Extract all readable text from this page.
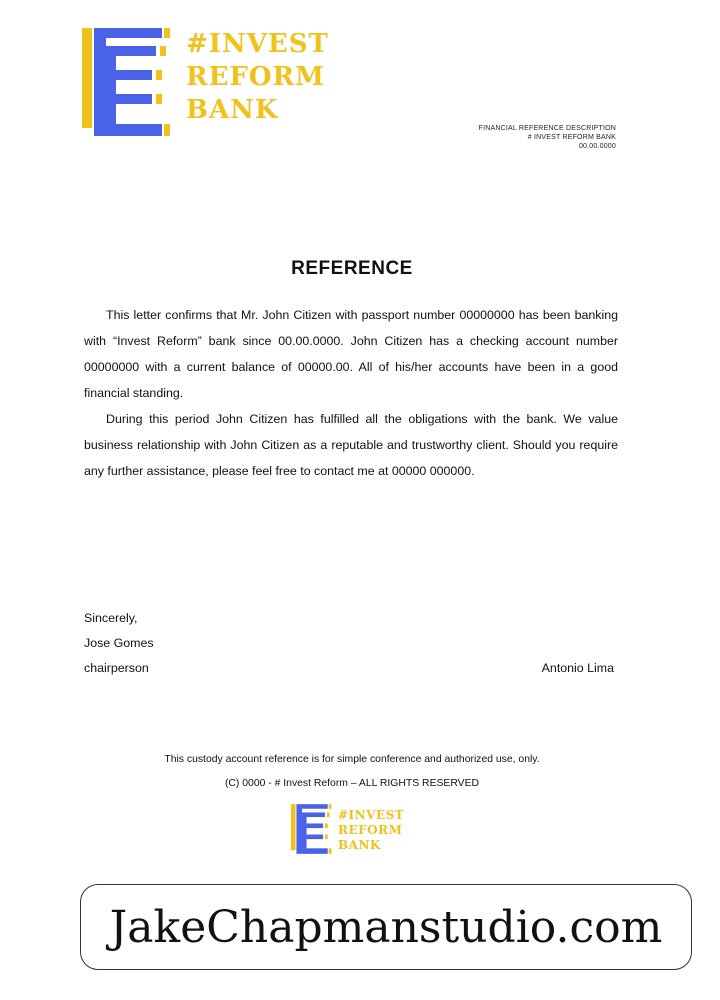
#INVEST
REFORM
BANK
FINANCIAL REFERENCE DESCRIPTION
# INVEST REFORM BANK
00.00.0000
REFERENCE

This letter confirms that Mr. John Citizen with passport number 00000000 has been banking with “Invest Reform” bank since 00.00.0000. John Citizen has a checking account number 00000000 with a current balance of 00000.00. All of his/her accounts have been in a good financial standing.

During this period John Citizen has fulfilled all the obligations with the bank. We value business relationship with John Citizen as a reputable and trustworthy client. Should you require any further assistance, please feel free to contact me at 00000 000000.

Sincerely,
Jose Gomes
chairperson	Antonio Lima
This custody account reference is for simple conference and authorized use, only.
(C) 0000 - # Invest Reform – ALL RIGHTS RESERVED
#INVEST
REFORM
BANK
JakeChapmanstudio.com
